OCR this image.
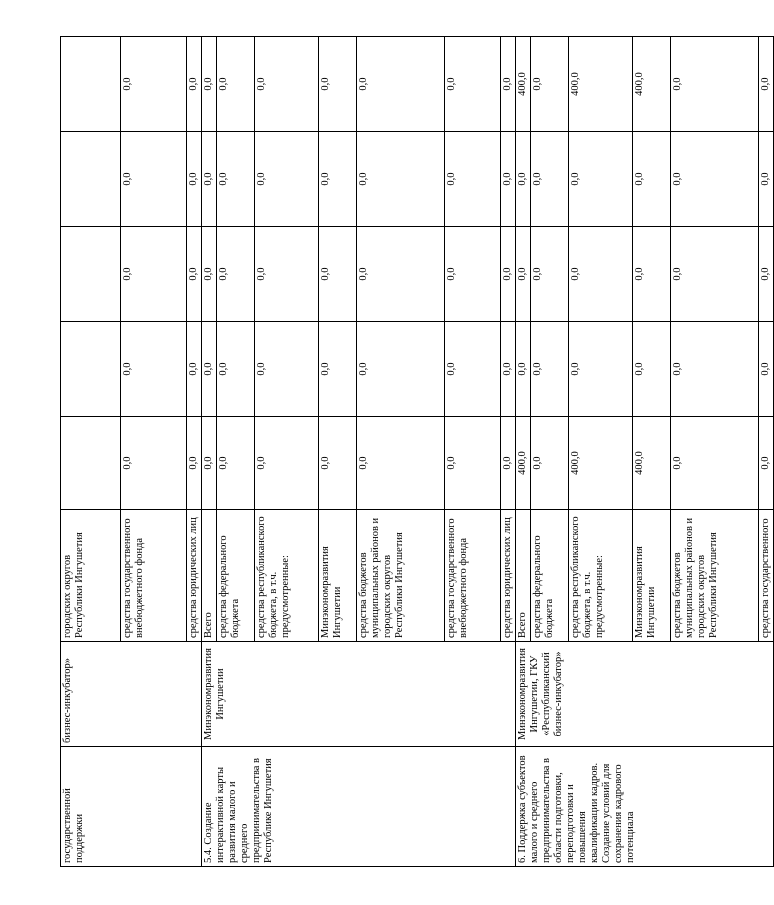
государственной поддержки	бизнес-инкубатор»	городских округов Республики Ингушетия					
		средства государственного внебюджетного фонда	0,0	0,0	0,0	0,0	0,0
		средства юридических лиц	0,0	0,0	0,0	0,0	0,0
5.4. Создание интерактивной карты развития малого и среднего предпринимательства в Республике Ингушетия	Минэкономразвития Ингушетии	Всего	0,0	0,0	0,0	0,0	0,0
		средства федерального бюджета	0,0	0,0	0,0	0,0	0,0
		средства республиканского бюджета, в т.ч. предусмотренные:	0,0	0,0	0,0	0,0	0,0
		Минэкономразвития Ингушетии	0,0	0,0	0,0	0,0	0,0
		средства бюджетов муниципальных районов и городских округов Республики Ингушетия	0,0	0,0	0,0	0,0	0,0
		средства государственного внебюджетного фонда	0,0	0,0	0,0	0,0	0,0
		средства юридических лиц	0,0	0,0	0,0	0,0	0,0
6. Поддержка субъектов малого и среднего предпринимательства в области подготовки, переподготовки и повышения квалификации кадров. Создание условий для сохранения кадрового потенциала	Минэкономразвития Ингушетии, ГКУ «Республиканский бизнес-инкубатор»	Всего	400,0	0,0	0,0	0,0	400,0
		средства федерального бюджета	0,0	0,0	0,0	0,0	0,0
		средства республиканского бюджета, в т.ч. предусмотренные:	400,0	0,0	0,0	0,0	400,0
		Минэкономразвития Ингушетии	400,0	0,0	0,0	0,0	400,0
		средства бюджетов муниципальных районов и городских округов Республики Ингушетия	0,0	0,0	0,0	0,0	0,0
		средства государственного	0,0	0,0	0,0	0,0	0,0
